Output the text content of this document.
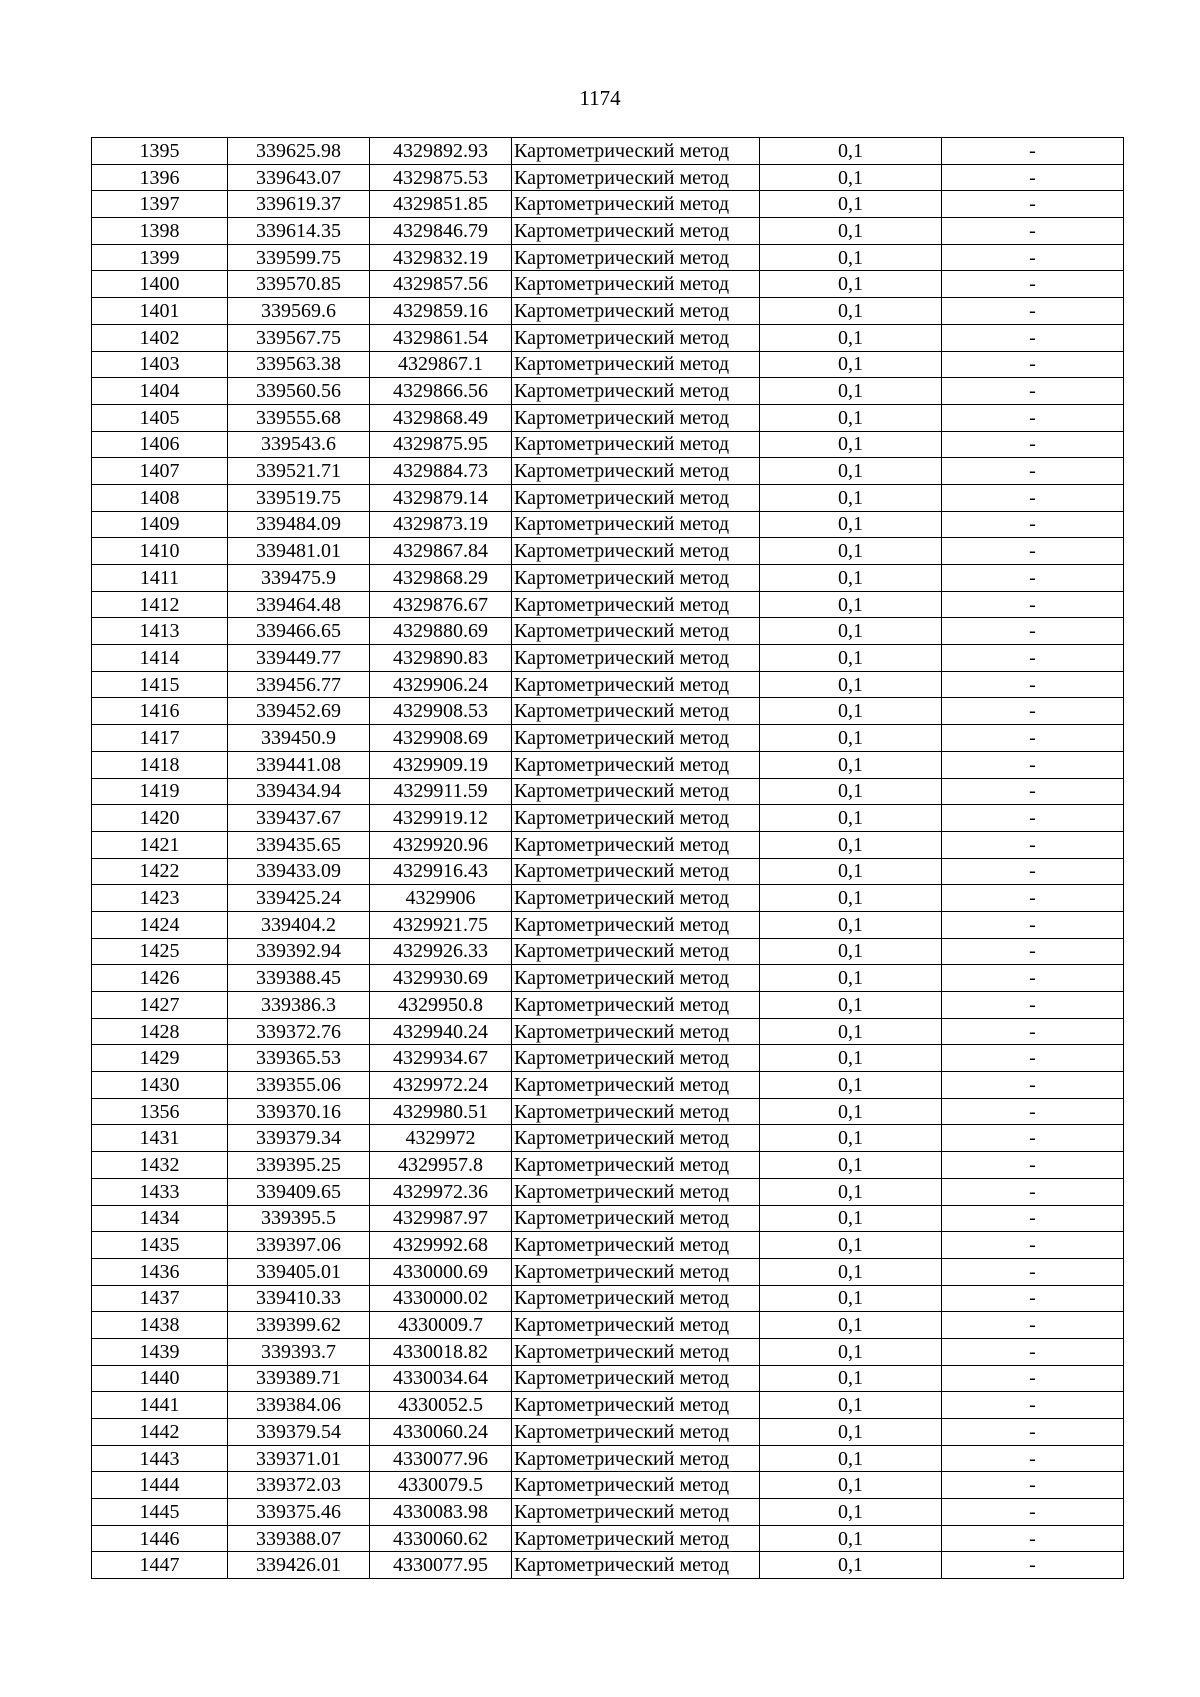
1174
1395	339625.98	4329892.93	Картометрический метод	0,1	-
1396	339643.07	4329875.53	Картометрический метод	0,1	-
1397	339619.37	4329851.85	Картометрический метод	0,1	-
1398	339614.35	4329846.79	Картометрический метод	0,1	-
1399	339599.75	4329832.19	Картометрический метод	0,1	-
1400	339570.85	4329857.56	Картометрический метод	0,1	-
1401	339569.6	4329859.16	Картометрический метод	0,1	-
1402	339567.75	4329861.54	Картометрический метод	0,1	-
1403	339563.38	4329867.1	Картометрический метод	0,1	-
1404	339560.56	4329866.56	Картометрический метод	0,1	-
1405	339555.68	4329868.49	Картометрический метод	0,1	-
1406	339543.6	4329875.95	Картометрический метод	0,1	-
1407	339521.71	4329884.73	Картометрический метод	0,1	-
1408	339519.75	4329879.14	Картометрический метод	0,1	-
1409	339484.09	4329873.19	Картометрический метод	0,1	-
1410	339481.01	4329867.84	Картометрический метод	0,1	-
1411	339475.9	4329868.29	Картометрический метод	0,1	-
1412	339464.48	4329876.67	Картометрический метод	0,1	-
1413	339466.65	4329880.69	Картометрический метод	0,1	-
1414	339449.77	4329890.83	Картометрический метод	0,1	-
1415	339456.77	4329906.24	Картометрический метод	0,1	-
1416	339452.69	4329908.53	Картометрический метод	0,1	-
1417	339450.9	4329908.69	Картометрический метод	0,1	-
1418	339441.08	4329909.19	Картометрический метод	0,1	-
1419	339434.94	4329911.59	Картометрический метод	0,1	-
1420	339437.67	4329919.12	Картометрический метод	0,1	-
1421	339435.65	4329920.96	Картометрический метод	0,1	-
1422	339433.09	4329916.43	Картометрический метод	0,1	-
1423	339425.24	4329906	Картометрический метод	0,1	-
1424	339404.2	4329921.75	Картометрический метод	0,1	-
1425	339392.94	4329926.33	Картометрический метод	0,1	-
1426	339388.45	4329930.69	Картометрический метод	0,1	-
1427	339386.3	4329950.8	Картометрический метод	0,1	-
1428	339372.76	4329940.24	Картометрический метод	0,1	-
1429	339365.53	4329934.67	Картометрический метод	0,1	-
1430	339355.06	4329972.24	Картометрический метод	0,1	-
1356	339370.16	4329980.51	Картометрический метод	0,1	-
1431	339379.34	4329972	Картометрический метод	0,1	-
1432	339395.25	4329957.8	Картометрический метод	0,1	-
1433	339409.65	4329972.36	Картометрический метод	0,1	-
1434	339395.5	4329987.97	Картометрический метод	0,1	-
1435	339397.06	4329992.68	Картометрический метод	0,1	-
1436	339405.01	4330000.69	Картометрический метод	0,1	-
1437	339410.33	4330000.02	Картометрический метод	0,1	-
1438	339399.62	4330009.7	Картометрический метод	0,1	-
1439	339393.7	4330018.82	Картометрический метод	0,1	-
1440	339389.71	4330034.64	Картометрический метод	0,1	-
1441	339384.06	4330052.5	Картометрический метод	0,1	-
1442	339379.54	4330060.24	Картометрический метод	0,1	-
1443	339371.01	4330077.96	Картометрический метод	0,1	-
1444	339372.03	4330079.5	Картометрический метод	0,1	-
1445	339375.46	4330083.98	Картометрический метод	0,1	-
1446	339388.07	4330060.62	Картометрический метод	0,1	-
1447	339426.01	4330077.95	Картометрический метод	0,1	-
